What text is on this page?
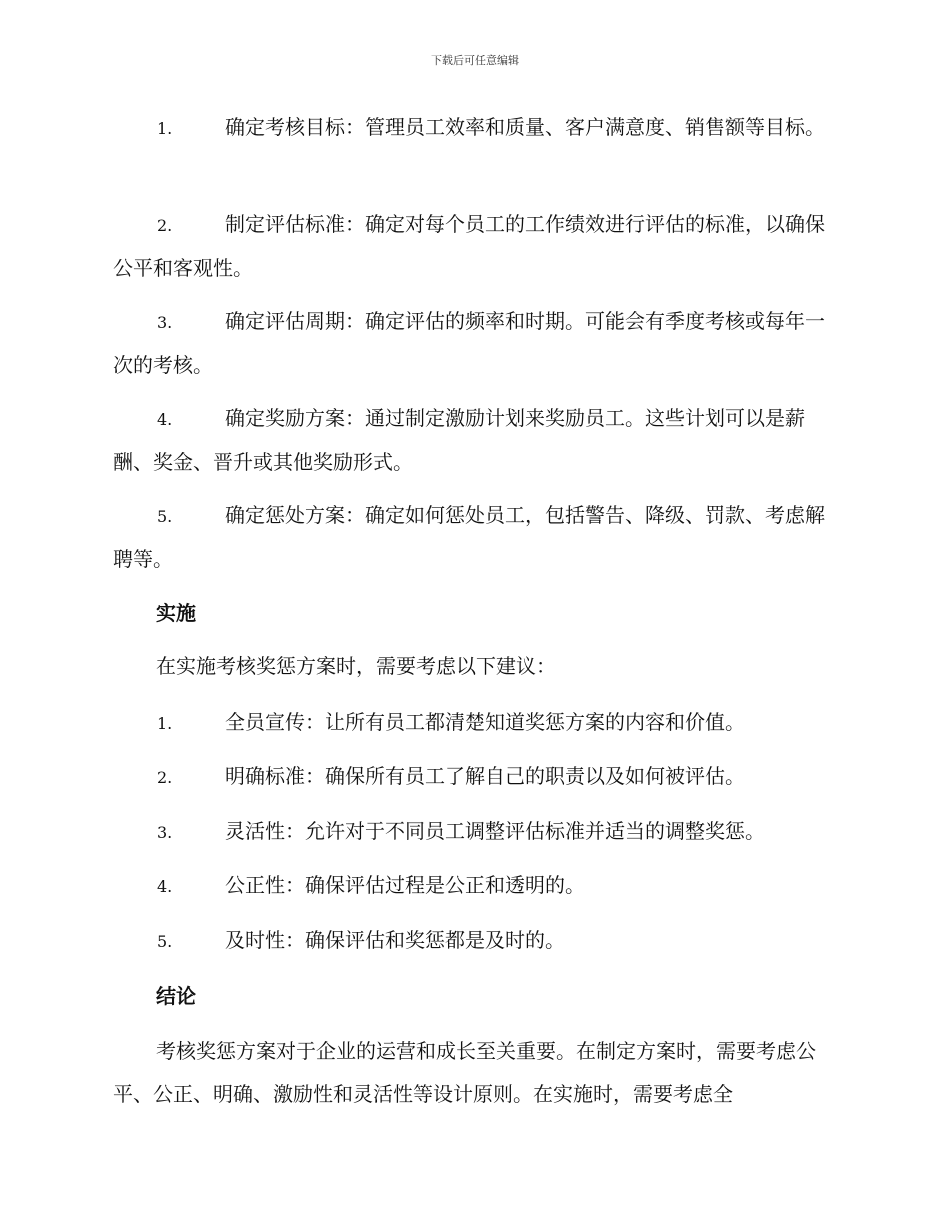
下载后可任意编辑
1.	确定考核目标：管理员工效率和质量、客户满意度、销售额等目标。
2.	制定评估标准：确定对每个员工的工作绩效进行评估的标准，以确保公平和客观性。
3.	确定评估周期：确定评估的频率和时期。可能会有季度考核或每年一次的考核。
4.	确定奖励方案：通过制定激励计划来奖励员工。这些计划可以是薪酬、奖金、晋升或其他奖励形式。
5.	确定惩处方案：确定如何惩处员工，包括警告、降级、罚款、考虑解聘等。
实施
在实施考核奖惩方案时，需要考虑以下建议：
1.	全员宣传：让所有员工都清楚知道奖惩方案的内容和价值。
2.	明确标准：确保所有员工了解自己的职责以及如何被评估。
3.	灵活性：允许对于不同员工调整评估标准并适当的调整奖惩。
4.	公正性：确保评估过程是公正和透明的。
5.	及时性：确保评估和奖惩都是及时的。
结论
考核奖惩方案对于企业的运营和成长至关重要。在制定方案时，需要考虑公平、公正、明确、激励性和灵活性等设计原则。在实施时，需要考虑全
